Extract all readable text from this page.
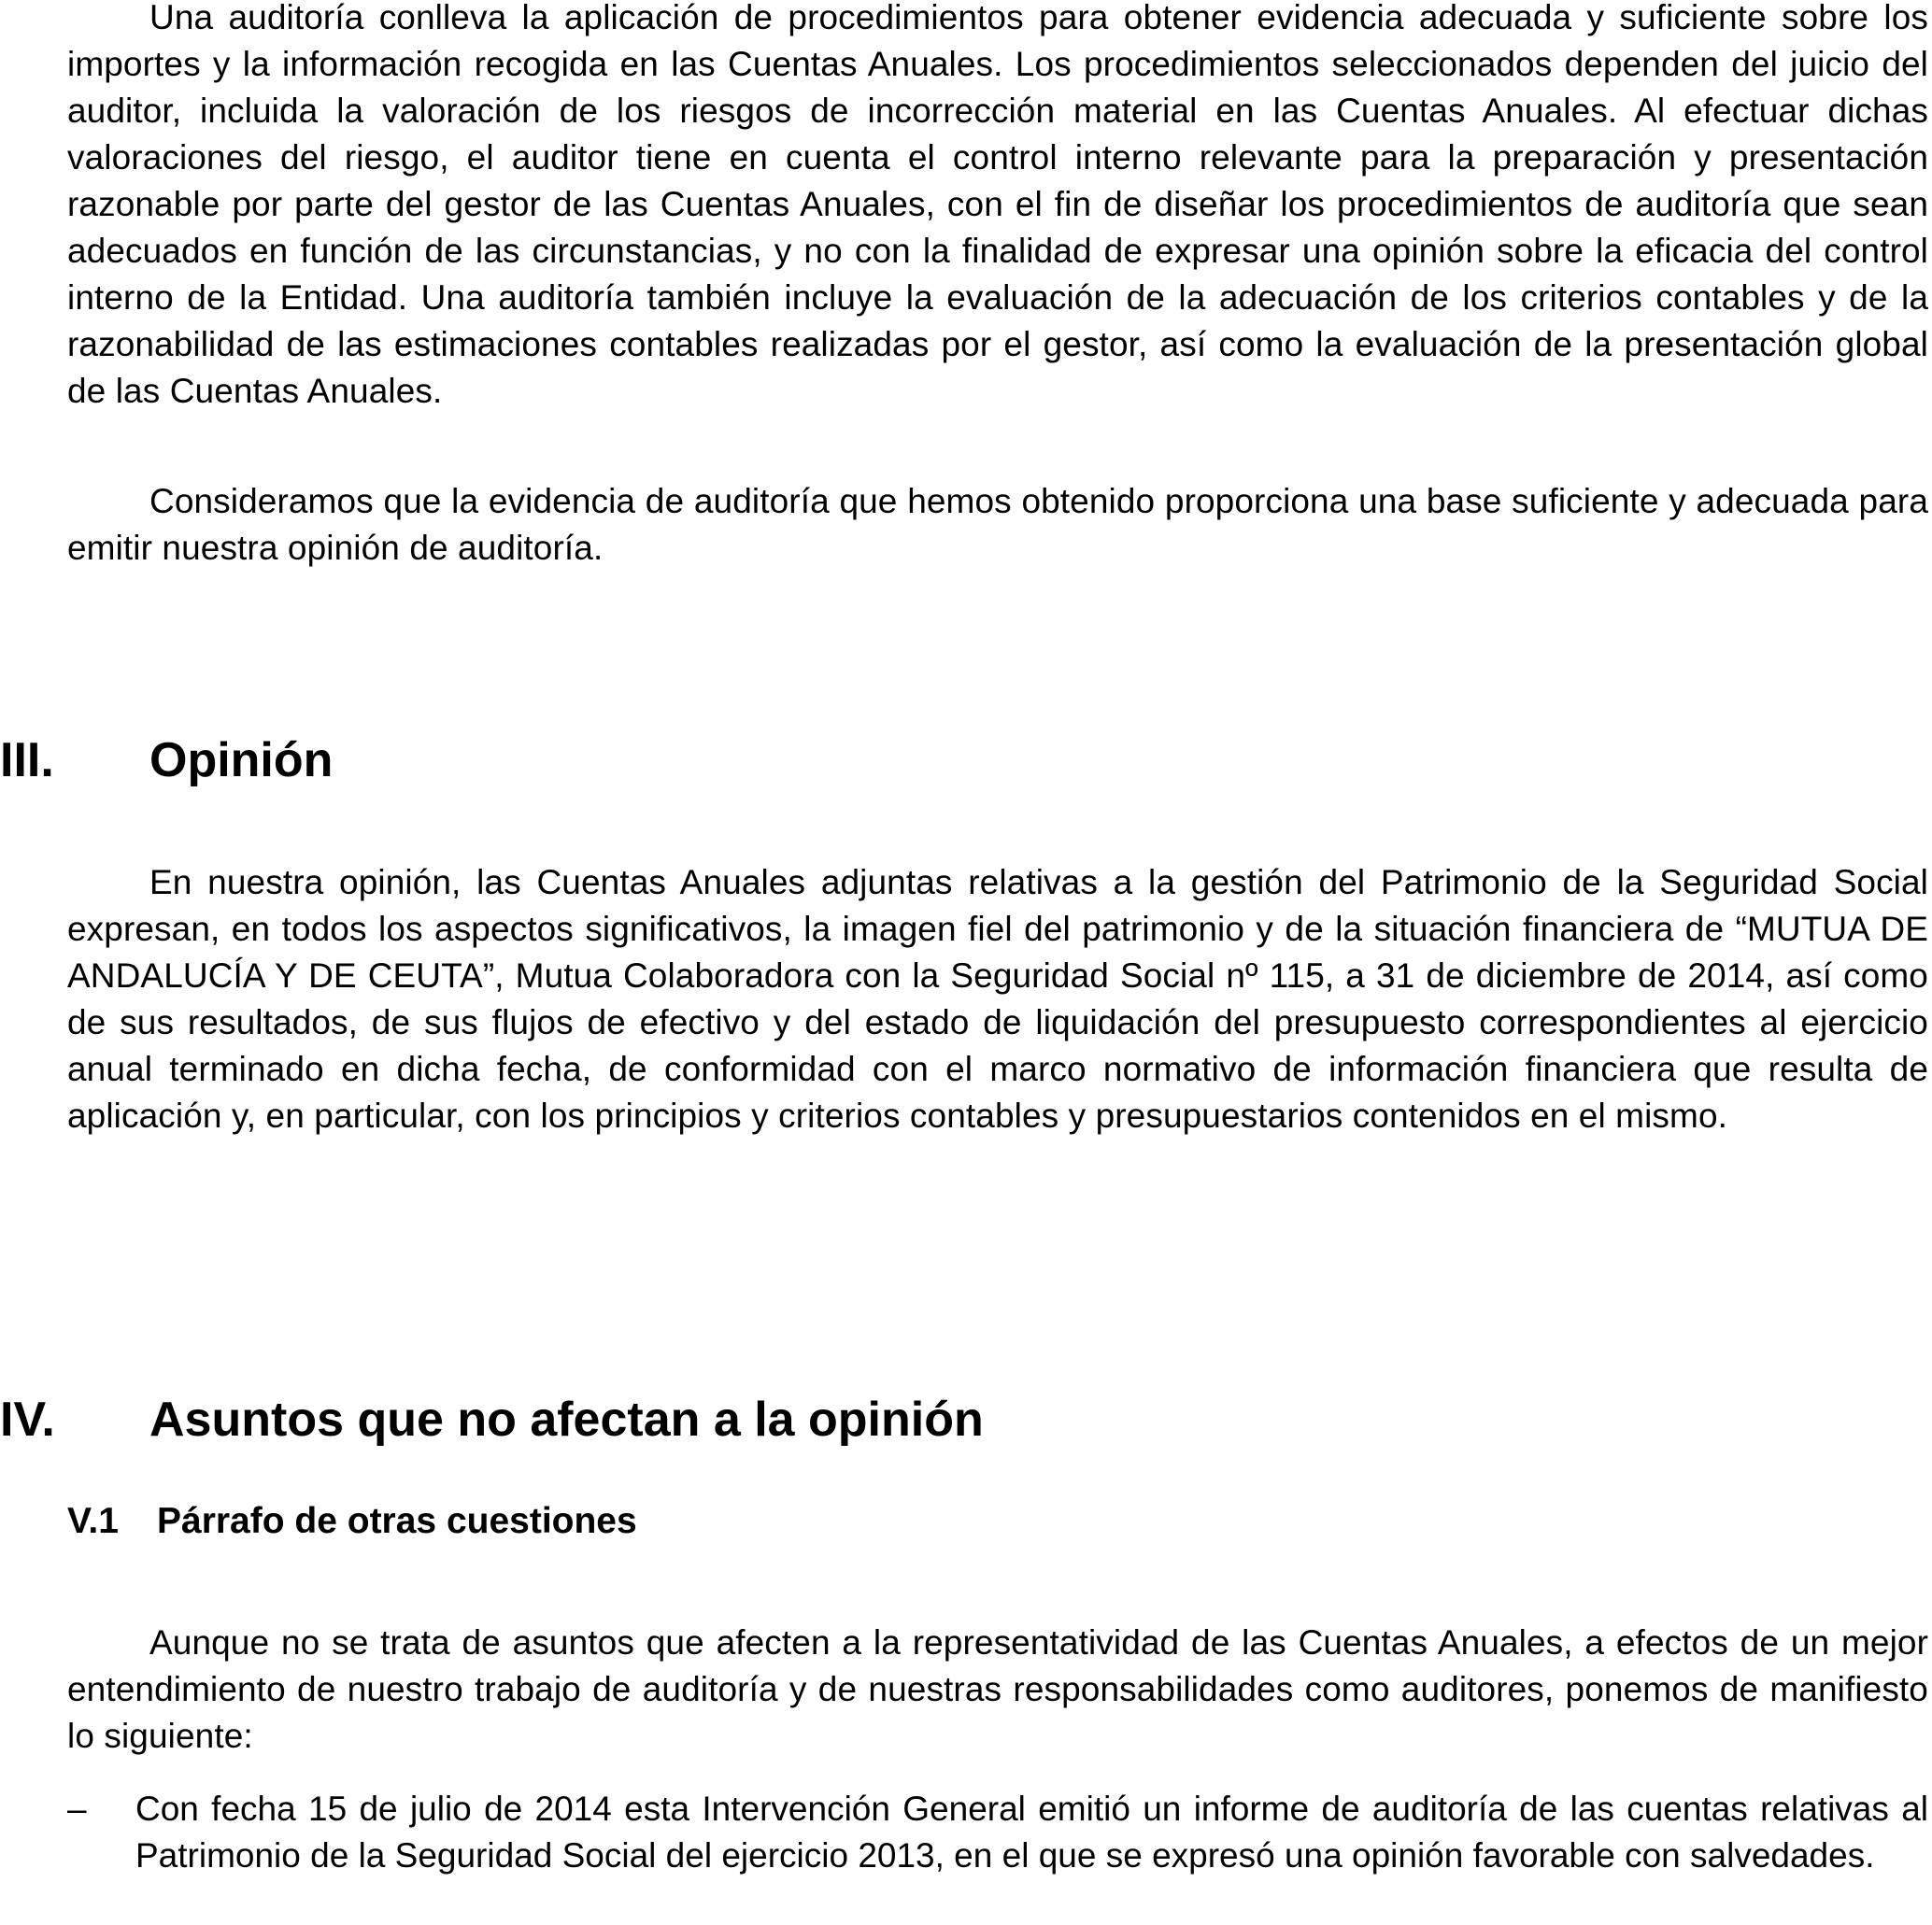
Una auditoría conlleva la aplicación de procedimientos para obtener evidencia adecuada y suficiente sobre los importes y la información recogida en las Cuentas Anuales. Los procedimientos seleccionados dependen del juicio del auditor, incluida la valoración de los riesgos de incorrección material en las Cuentas Anuales. Al efectuar dichas valoraciones del riesgo, el auditor tiene en cuenta el control interno relevante para la preparación y presentación razonable por parte del gestor de las Cuentas Anuales, con el fin de diseñar los procedimientos de auditoría que sean adecuados en función de las circunstancias, y no con la finalidad de expresar una opinión sobre la eficacia del control interno de la Entidad. Una auditoría también incluye la evaluación de la adecuación de los criterios contables y de la razonabilidad de las estimaciones contables realizadas por el gestor, así como la evaluación de la presentación global de las Cuentas Anuales.

Consideramos que la evidencia de auditoría que hemos obtenido proporciona una base suficiente y adecuada para emitir nuestra opinión de auditoría.

III. Opinión

En nuestra opinión, las Cuentas Anuales adjuntas relativas a la gestión del Patrimonio de la Seguridad Social expresan, en todos los aspectos significativos, la imagen fiel del patrimonio y de la situación financiera de “MUTUA DE ANDALUCÍA Y DE CEUTA”, Mutua Colaboradora con la Seguridad Social nº 115, a 31 de diciembre de 2014, así como de sus resultados, de sus flujos de efectivo y del estado de liquidación del presupuesto correspondientes al ejercicio anual terminado en dicha fecha, de conformidad con el marco normativo de información financiera que resulta de aplicación y, en particular, con los principios y criterios contables y presupuestarios contenidos en el mismo.

IV. Asuntos que no afectan a la opinión
V.1 Párrafo de otras cuestiones

Aunque no se trata de asuntos que afecten a la representatividad de las Cuentas Anuales, a efectos de un mejor entendimiento de nuestro trabajo de auditoría y de nuestras responsabilidades como auditores, ponemos de manifiesto lo siguiente:

–	Con fecha 15 de julio de 2014 esta Intervención General emitió un informe de auditoría de las cuentas relativas al Patrimonio de la Seguridad Social del ejercicio 2013, en el que se expresó una opinión favorable con salvedades.
